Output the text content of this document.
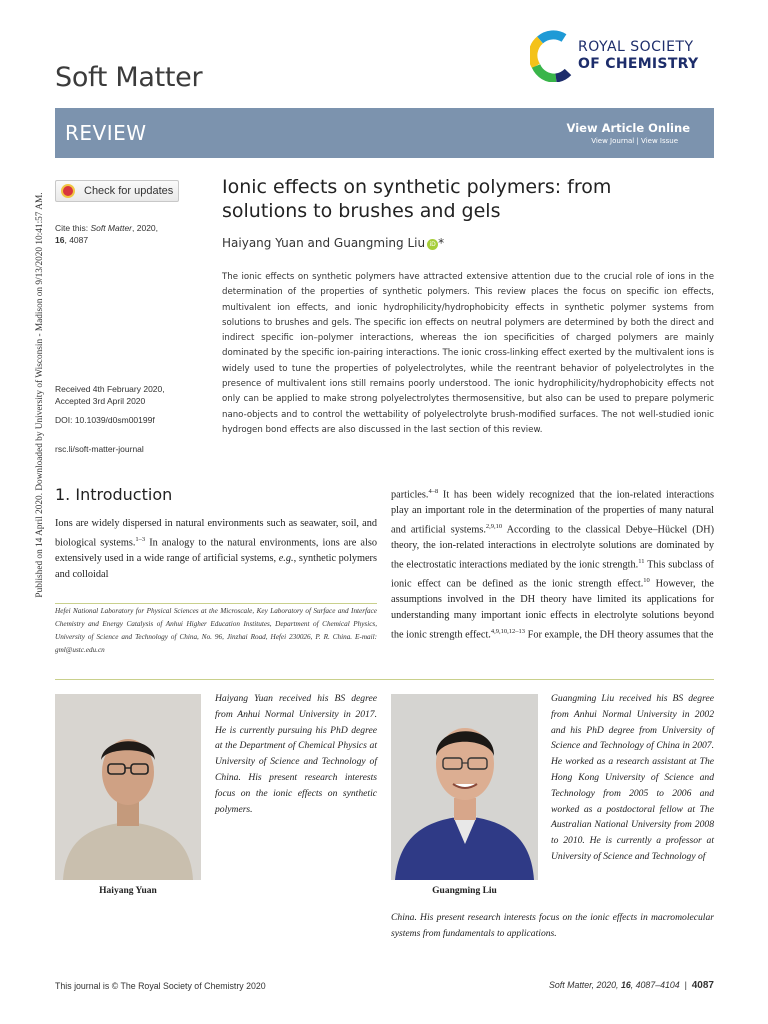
Published on 14 April 2020. Downloaded by University of Wisconsin - Madison on 9/13/2020 10:41:57 AM.
Soft Matter
ROYAL SOCIETY
OF CHEMISTRY
REVIEW	View Article Online
View Journal | View Issue
Check for updates
Cite this: Soft Matter, 2020,
16, 4087
Received 4th February 2020,
Accepted 3rd April 2020
DOI: 10.1039/d0sm00199f
rsc.li/soft-matter-journal
Ionic effects on synthetic polymers: from solutions to brushes and gels
Haiyang Yuan and Guangming Liu iD *
The ionic effects on synthetic polymers have attracted extensive attention due to the crucial role of ions in the determination of the properties of synthetic polymers. This review places the focus on specific ion effects, multivalent ion effects, and ionic hydrophilicity/hydrophobicity effects in synthetic polymer systems from solutions to brushes and gels. The specific ion effects on neutral polymers are determined by both the direct and indirect specific ion–polymer interactions, whereas the ion specificities of charged polymers are mainly dominated by the specific ion-pairing interactions. The ionic cross-linking effect exerted by the multivalent ions is widely used to tune the properties of polyelectrolytes, while the reentrant behavior of polyelectrolytes in the presence of multivalent ions still remains poorly understood. The ionic hydrophilicity/hydrophobicity effects not only can be applied to make strong polyelectrolytes thermosensitive, but also can be used to prepare polymeric nano-objects and to control the wettability of polyelectrolyte brush-modified surfaces. The not well-studied ionic hydrogen bond effects are also discussed in the last section of this review.
1. Introduction
Ions are widely dispersed in natural environments such as seawater, soil, and biological systems.$^{1-3}$ In analogy to the natural environments, ions are also extensively used in a wide range of artificial systems, e.g., synthetic polymers and colloidal
Hefei National Laboratory for Physical Sciences at the Microscale, Key Laboratory of Surface and Interface Chemistry and Energy Catalysis of Anhui Higher Education Institutes, Department of Chemical Physics, University of Science and Technology of China, No. 96, Jinzhai Road, Hefei 230026, P. R. China. E-mail: gml@ustc.edu.cn
particles.$^{4-8}$ It has been widely recognized that the ion-related interactions play an important role in the determination of the properties of many natural and artificial systems.$^{2,9,10}$ According to the classical Debye–Hückel (DH) theory, the ion-related interactions in electrolyte solutions are dominated by the electrostatic interactions mediated by the ionic strength.$^{11}$ This subclass of ionic effect can be defined as the ionic strength effect.$^{10}$ However, the assumptions involved in the DH theory have limited its applications for understanding many important ionic effects in electrolyte solutions beyond the ionic strength effect.$^{4,9,10,12-13}$ For example, the DH theory assumes that the
Haiyang Yuan
Haiyang Yuan received his BS degree from Anhui Normal University in 2017. He is currently pursuing his PhD degree at the Department of Chemical Physics at University of Science and Technology of China. His present research interests focus on the ionic effects on synthetic polymers.
Guangming Liu
Guangming Liu received his BS degree from Anhui Normal University in 2002 and his PhD degree from University of Science and Technology of China in 2007. He worked as a research assistant at The Hong Kong University of Science and Technology from 2005 to 2006 and worked as a postdoctoral fellow at The Australian National University from 2008 to 2010. He is currently a professor at University of Science and Technology of
China. His present research interests focus on the ionic effects in macromolecular systems from fundamentals to applications.
This journal is © The Royal Society of Chemistry 2020	Soft Matter, 2020, 16, 4087–4104 | 4087
